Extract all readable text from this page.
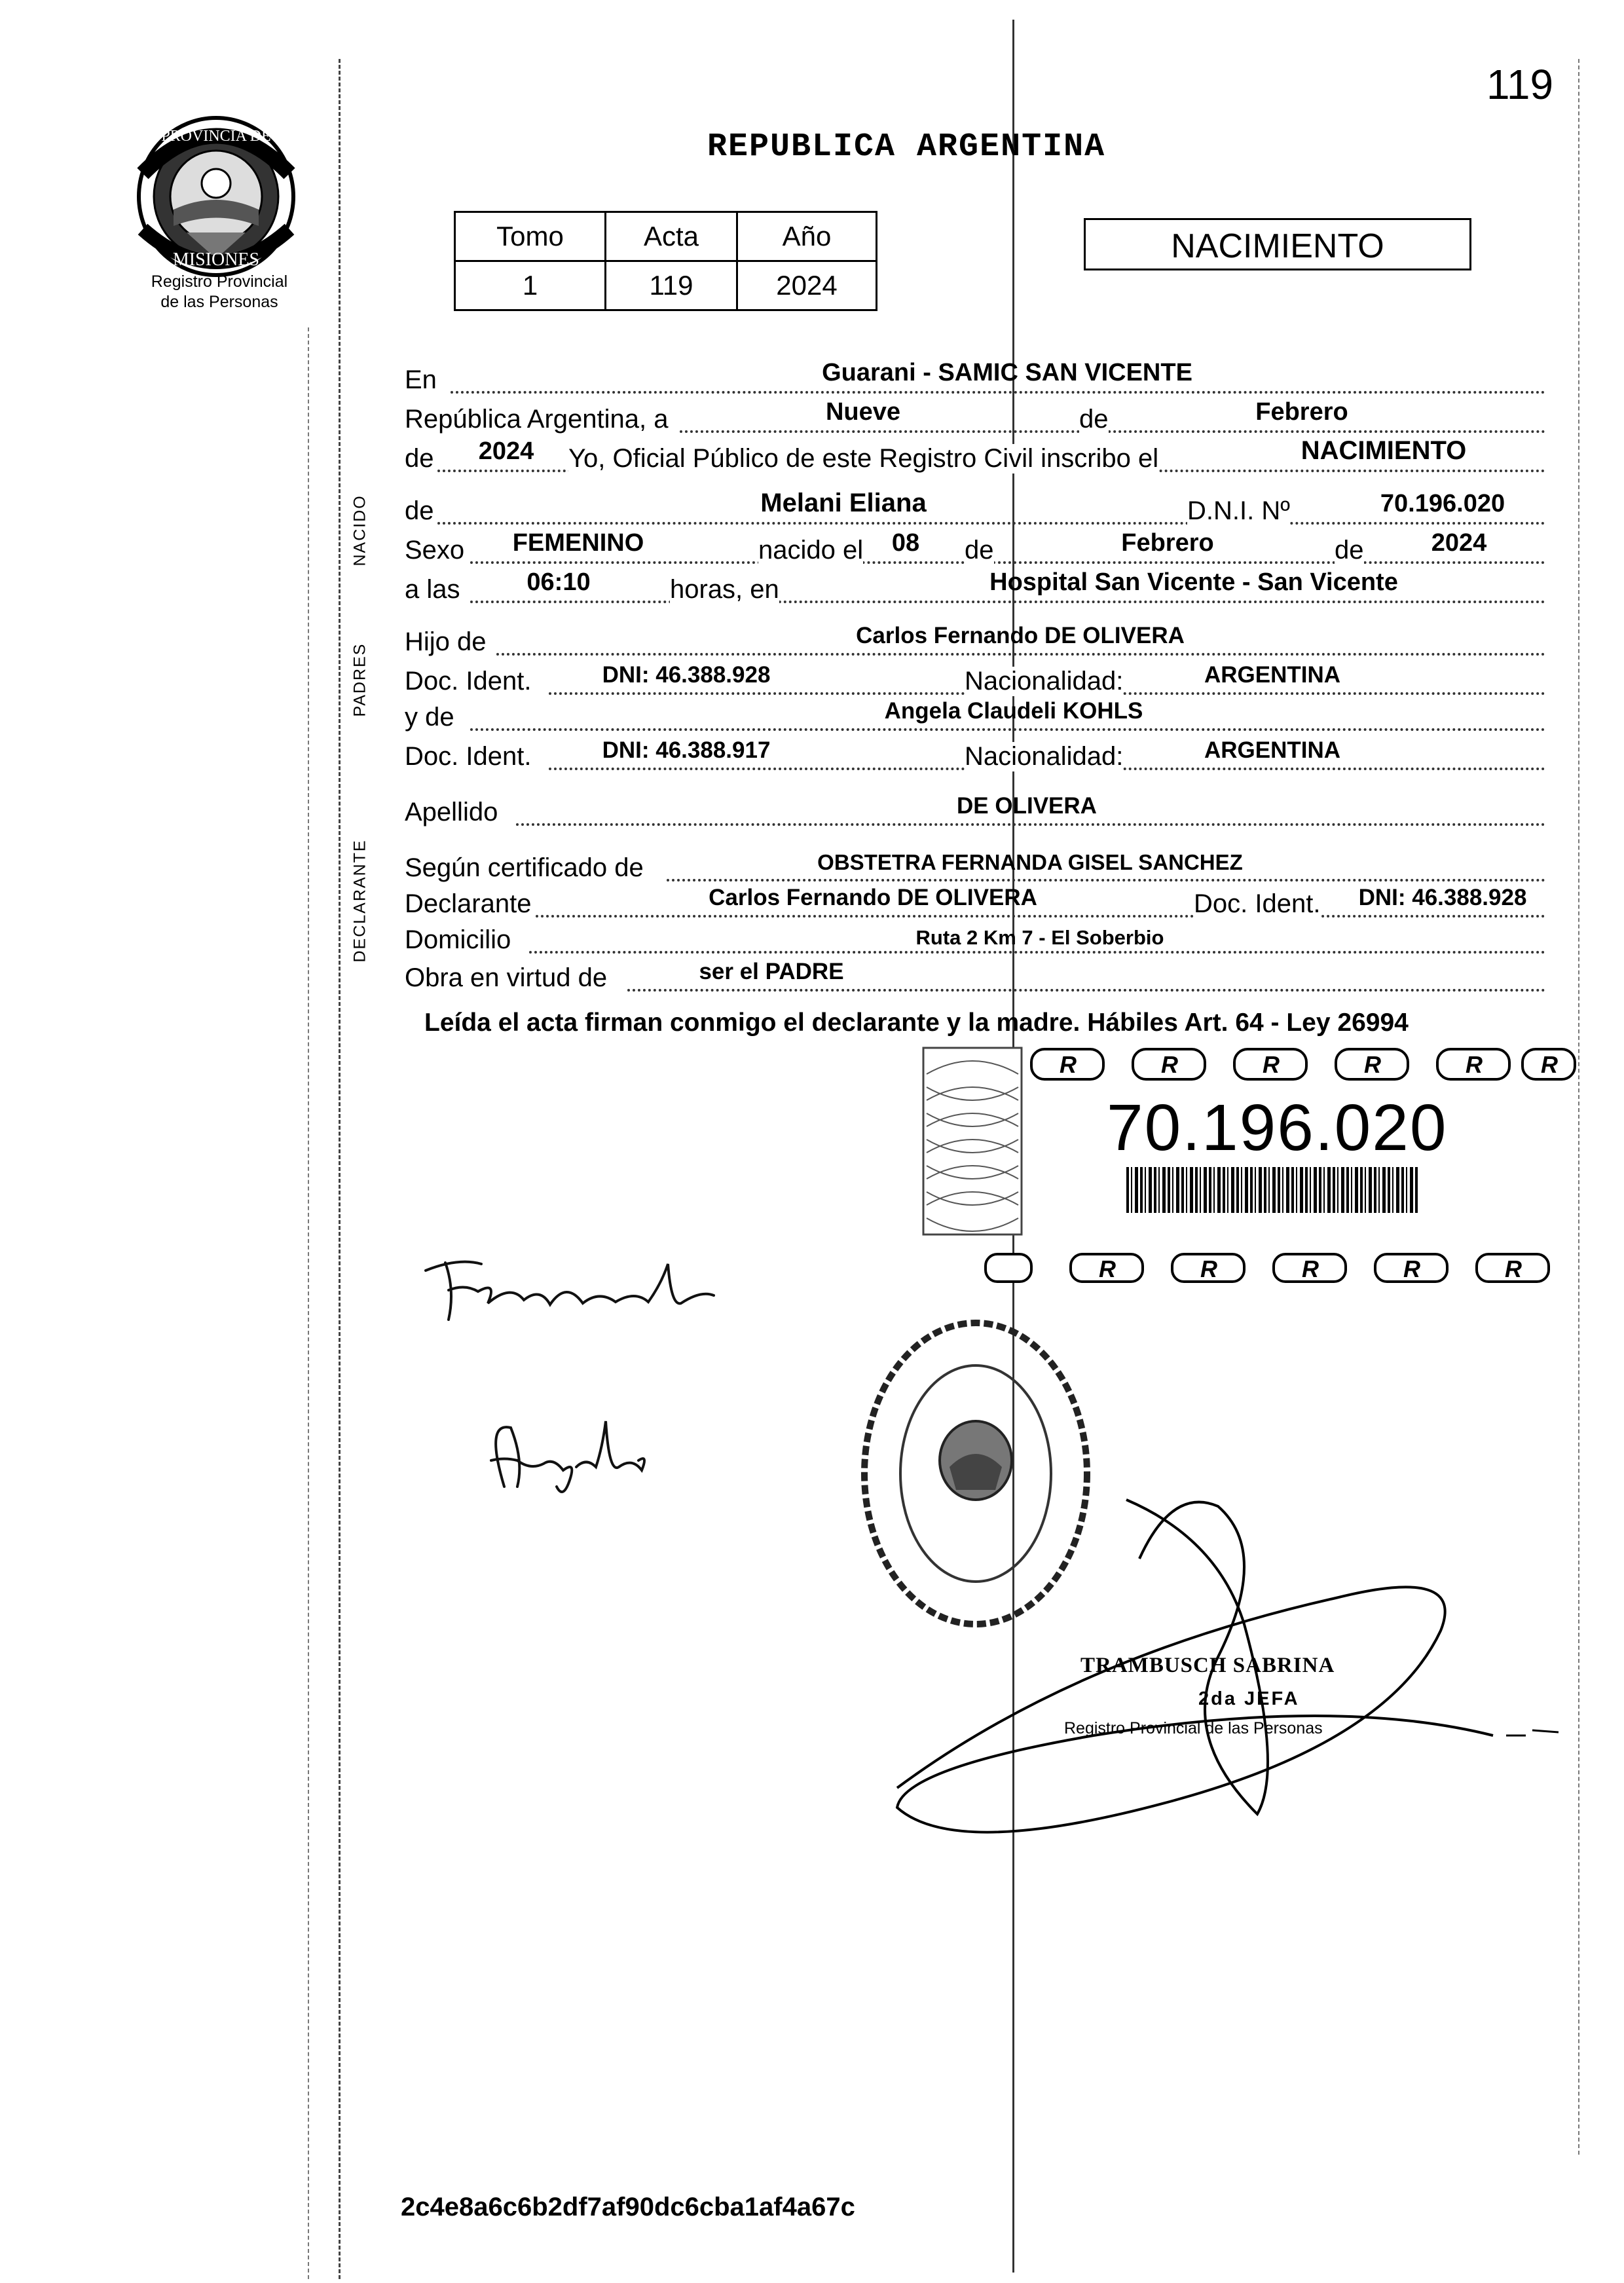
119
PROVINCIA DE
MISIONES
Registro Provincial
de las Personas
REPUBLICA ARGENTINA
Tomo	Acta	Año
1	119	2024
NACIMIENTO
NACIDO
PADRES
DECLARANTE
En	Guarani - SAMIC SAN VICENTE
República Argentina, a	Nueve	de	Febrero
de	2024	Yo, Oficial Público de este Registro Civil inscribo el	NACIMIENTO
de	Melani Eliana	D.N.I. Nº	70.196.020
Sexo	FEMENINO	nacido el	08	de	Febrero	de	2024
a las	06:10	horas, en	Hospital San Vicente - San Vicente
Hijo de	Carlos Fernando DE OLIVERA
Doc. Ident.	DNI: 46.388.928	Nacionalidad:	ARGENTINA
y de	Angela Claudeli KOHLS
Doc. Ident.	DNI: 46.388.917	Nacionalidad:	ARGENTINA
Apellido	DE OLIVERA
Según certificado de	OBSTETRA FERNANDA GISEL SANCHEZ
Declarante	Carlos Fernando DE OLIVERA	Doc. Ident.	DNI: 46.388.928
Domicilio	Ruta 2 Km 7 - El Soberbio
Obra en virtud de	ser el PADRE
Leída el acta firman conmigo el declarante y la madre. Hábiles Art. 64 - Ley 26994
R	R	R	R	R R
R	R	R	R	R
70.196.020
TRAMBUSCH SABRINA
2da JEFA
Registro Provincial de las Personas
2c4e8a6c6b2df7af90dc6cba1af4a67c
